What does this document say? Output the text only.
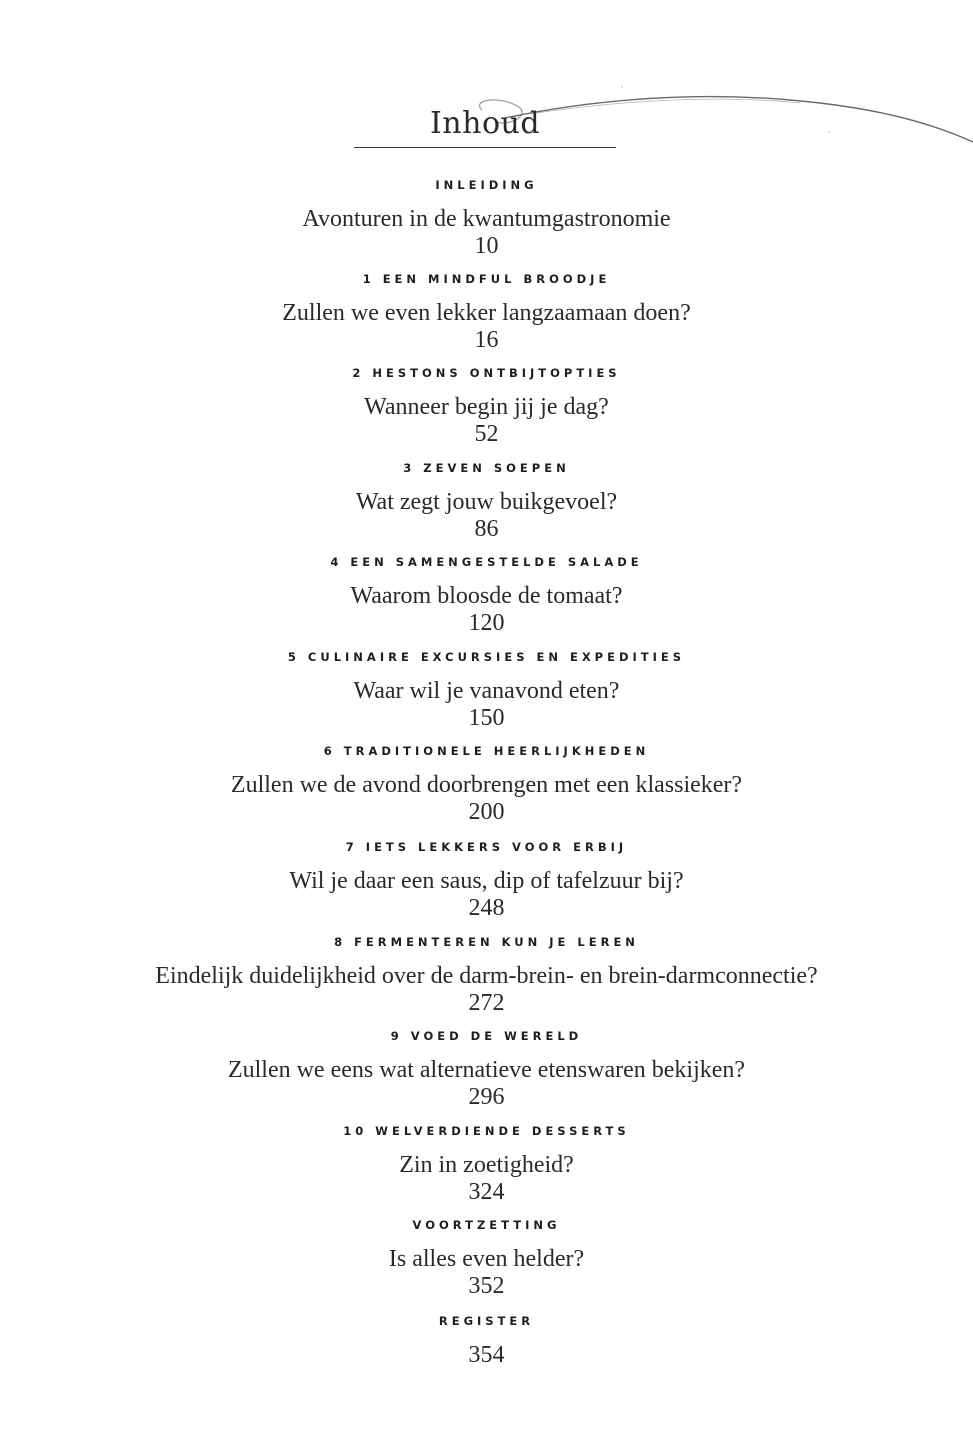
Inhoud
INLEIDING
Avonturen in de kwantumgastronomie
10
1 EEN MINDFUL BROODJE
Zullen we even lekker langzaamaan doen?
16
2 HESTONS ONTBIJTOPTIES
Wanneer begin jij je dag?
52
3 ZEVEN SOEPEN
Wat zegt jouw buikgevoel?
86
4 EEN SAMENGESTELDE SALADE
Waarom bloosde de tomaat?
120
5 CULINAIRE EXCURSIES EN EXPEDITIES
Waar wil je vanavond eten?
150
6 TRADITIONELE HEERLIJKHEDEN
Zullen we de avond doorbrengen met een klassieker?
200
7 IETS LEKKERS VOOR ERBIJ
Wil je daar een saus, dip of tafelzuur bij?
248
8 FERMENTEREN KUN JE LEREN
Eindelijk duidelijkheid over de darm-brein- en brein-darmconnectie?
272
9 VOED DE WERELD
Zullen we eens wat alternatieve etenswaren bekijken?
296
10 WELVERDIENDE DESSERTS
Zin in zoetigheid?
324
VOORTZETTING
Is alles even helder?
352
REGISTER
354
